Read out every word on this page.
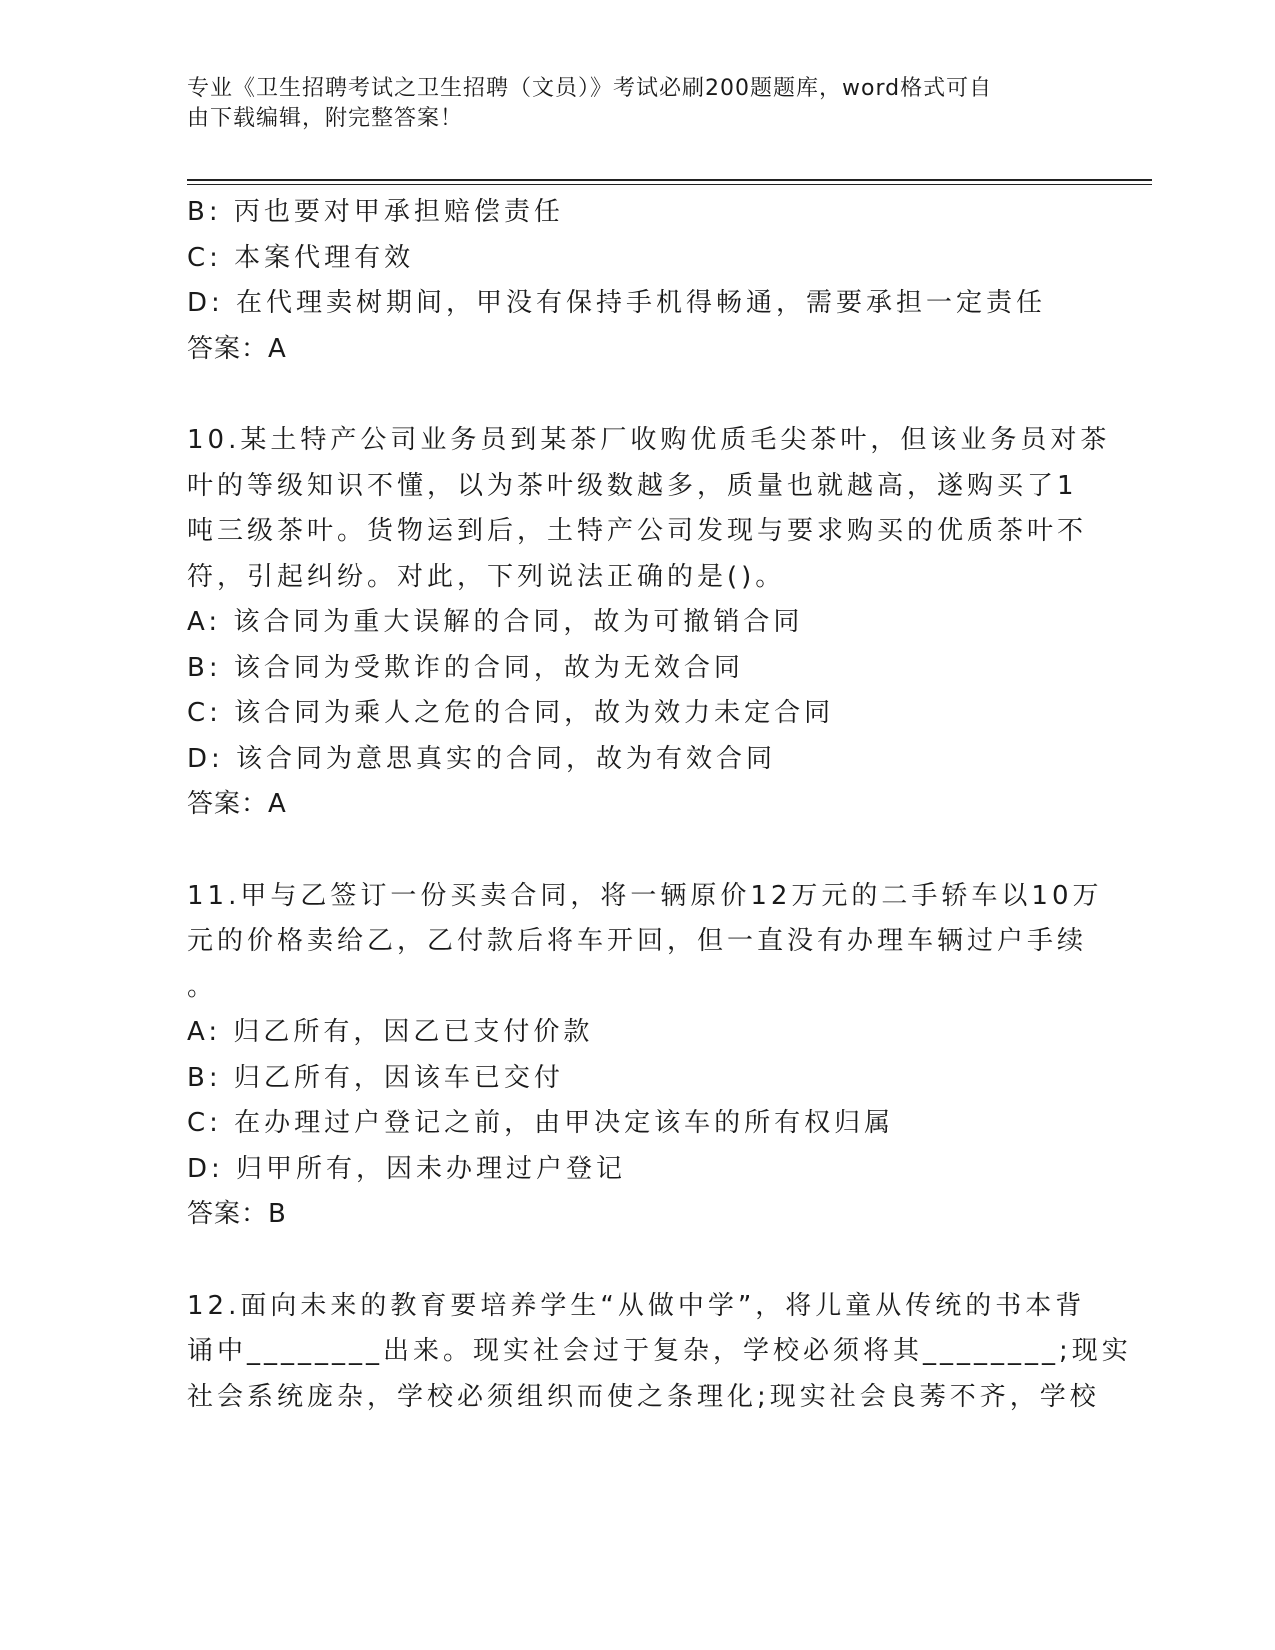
专业《卫生招聘考试之卫生招聘（文员）》考试必刷200题题库，word格式可自
由下载编辑，附完整答案！
B: 丙也要对甲承担赔偿责任
C: 本案代理有效
D: 在代理卖树期间，甲没有保持手机得畅通，需要承担一定责任
答案：A
10.某土特产公司业务员到某茶厂收购优质毛尖茶叶，但该业务员对茶
叶的等级知识不懂，以为茶叶级数越多，质量也就越高，遂购买了1
吨三级茶叶。货物运到后，土特产公司发现与要求购买的优质茶叶不
符，引起纠纷。对此，下列说法正确的是()。
A: 该合同为重大误解的合同，故为可撤销合同
B: 该合同为受欺诈的合同，故为无效合同
C: 该合同为乘人之危的合同，故为效力未定合同
D: 该合同为意思真实的合同，故为有效合同
答案：A
11.甲与乙签订一份买卖合同，将一辆原价12万元的二手轿车以10万
元的价格卖给乙，乙付款后将车开回，但一直没有办理车辆过户手续
。
A: 归乙所有，因乙已支付价款
B: 归乙所有，因该车已交付
C: 在办理过户登记之前，由甲决定该车的所有权归属
D: 归甲所有，因未办理过户登记
答案：B
12.面向未来的教育要培养学生“从做中学”，将儿童从传统的书本背
诵中________出来。现实社会过于复杂，学校必须将其________;现实
社会系统庞杂，学校必须组织而使之条理化;现实社会良莠不齐，学校
